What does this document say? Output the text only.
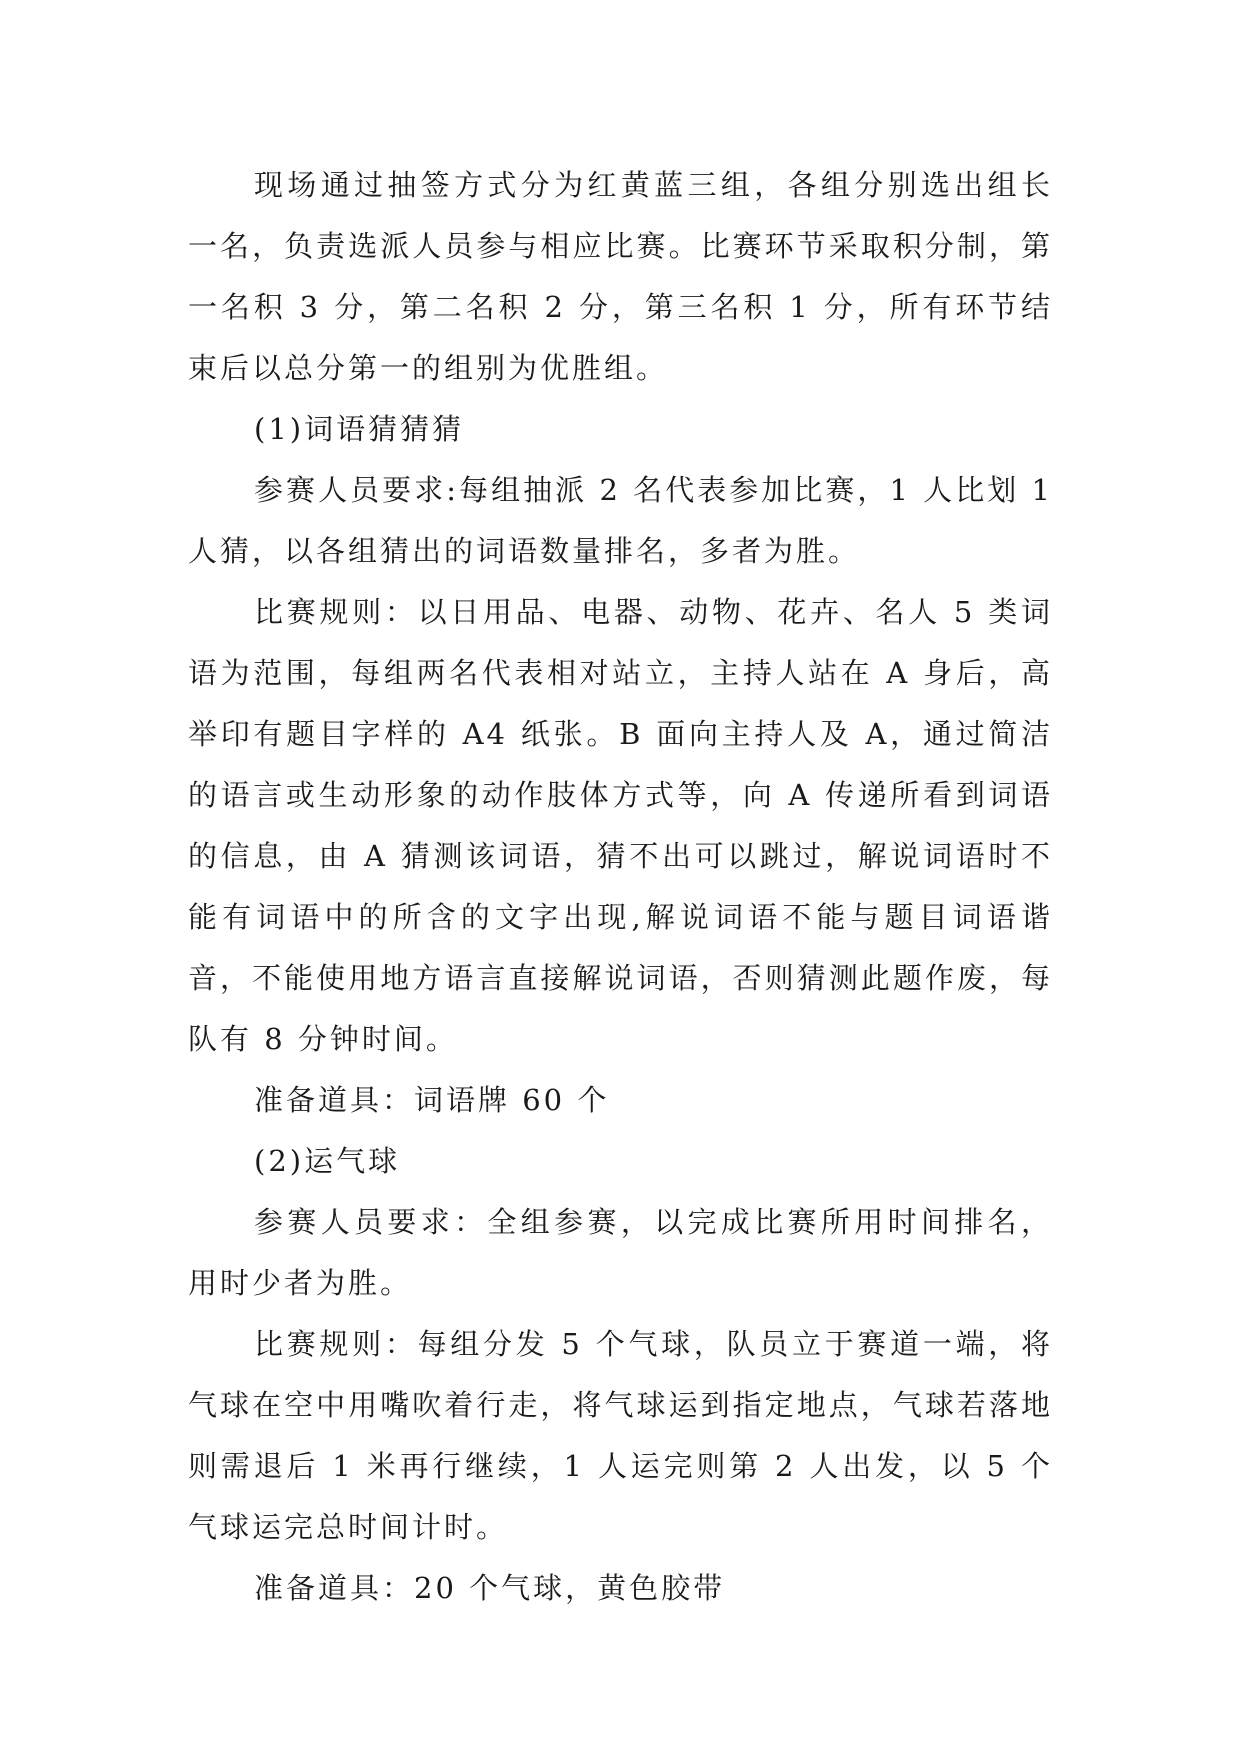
现场通过抽签方式分为红黄蓝三组，各组分别选出组长一名，负责选派人员参与相应比赛。比赛环节采取积分制，第一名积 3 分，第二名积 2 分，第三名积 1 分，所有环节结束后以总分第一的组别为优胜组。

(1)词语猜猜猜

参赛人员要求:每组抽派 2 名代表参加比赛，1 人比划 1 人猜，以各组猜出的词语数量排名，多者为胜。

比赛规则：以日用品、电器、动物、花卉、名人 5 类词语为范围，每组两名代表相对站立，主持人站在 A 身后，高举印有题目字样的 A4 纸张。B 面向主持人及 A，通过简洁的语言或生动形象的动作肢体方式等，向 A 传递所看到词语的信息，由 A 猜测该词语，猜不出可以跳过，解说词语时不能有词语中的所含的文字出现,解说词语不能与题目词语谐音，不能使用地方语言直接解说词语，否则猜测此题作废，每队有 8 分钟时间。

准备道具：词语牌 60 个

(2)运气球

参赛人员要求：全组参赛，以完成比赛所用时间排名，用时少者为胜。

比赛规则：每组分发 5 个气球，队员立于赛道一端，将气球在空中用嘴吹着行走，将气球运到指定地点，气球若落地则需退后 1 米再行继续，1 人运完则第 2 人出发，以 5 个气球运完总时间计时。

准备道具：20 个气球，黄色胶带
